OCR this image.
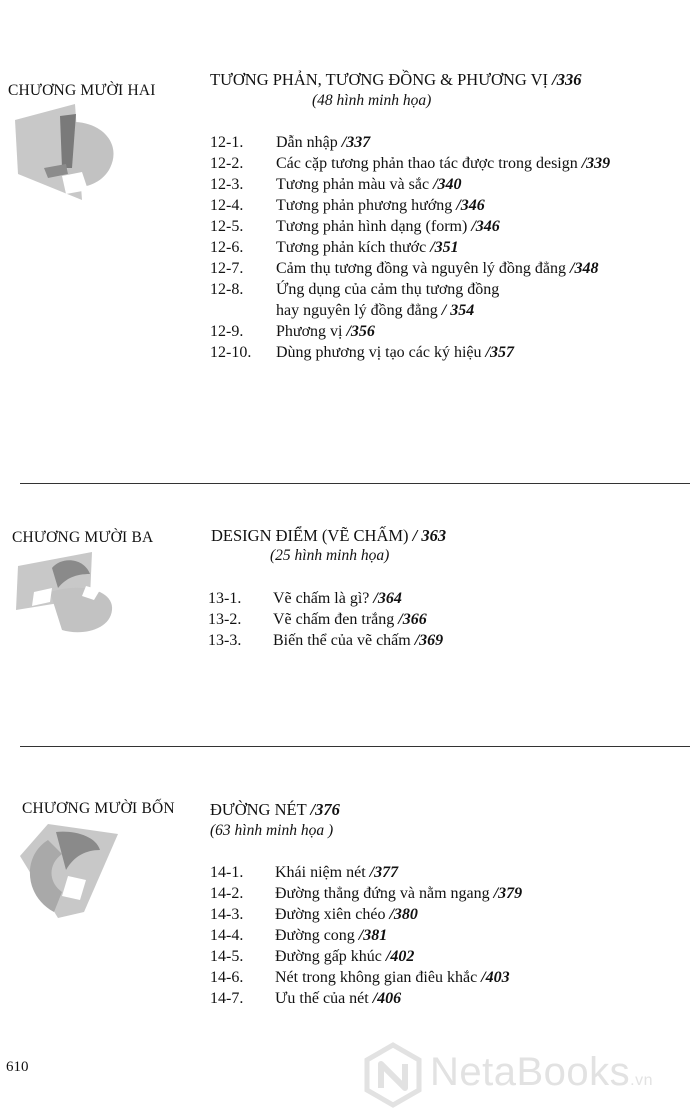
CHƯƠNG MƯỜI HAI
TƯƠNG PHẢN, TƯƠNG ĐỒNG & PHƯƠNG VỊ /336
(48 hình minh họa)
12-1. Dẫn nhập /337
12-2. Các cặp tương phản thao tác được trong design /339
12-3. Tương phản màu và sắc /340
12-4. Tương phản phương hướng /346
12-5. Tương phản hình dạng (form) /346
12-6. Tương phản kích thước /351
12-7. Cảm thụ tương đồng và nguyên lý đồng đẳng /348
12-8. Ứng dụng của cảm thụ tương đồng
hay nguyên lý đồng đẳng / 354
12-9. Phương vị /356
12-10. Dùng phương vị tạo các ký hiệu /357
CHƯƠNG MƯỜI BA	DESIGN ĐIỂM (VẼ CHẤM) / 363
(25 hình minh họa)
13-1. Vẽ chấm là gì? /364
13-2. Vẽ chấm đen trắng /366
13-3. Biến thể của vẽ chấm /369
CHƯƠNG MƯỜI BỐN ĐƯỜNG NÉT /376
(63 hình minh họa )
14-1. Khái niệm nét /377
14-2. Đường thẳng đứng và nằm ngang /379
14-3. Đường xiên chéo /380
14-4. Đường cong /381
14-5. Đường gấp khúc /402
14-6. Nét trong không gian điêu khắc /403
14-7. Ưu thế của nét /406
610	NetaBooks.vn
